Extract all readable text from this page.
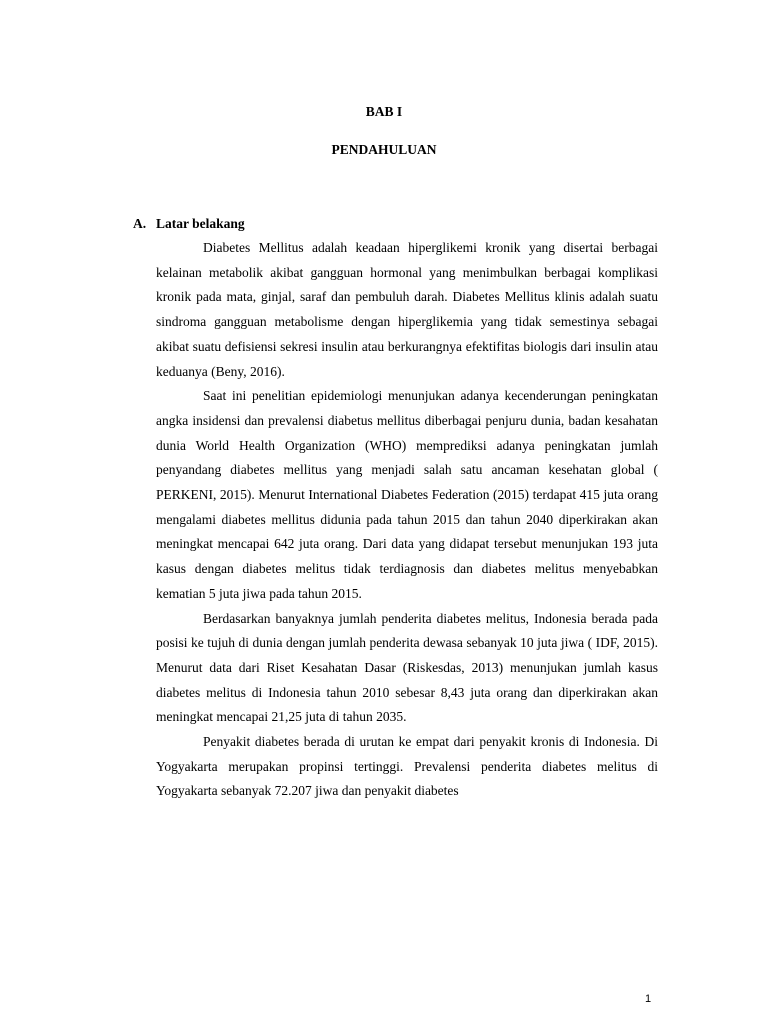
BAB I

PENDAHULUAN

A. Latar belakang

Diabetes Mellitus adalah keadaan hiperglikemi kronik yang disertai berbagai kelainan metabolik akibat gangguan hormonal yang menimbulkan berbagai komplikasi kronik pada mata, ginjal, saraf dan pembuluh darah. Diabetes Mellitus klinis adalah suatu sindroma gangguan metabolisme dengan hiperglikemia yang tidak semestinya sebagai akibat suatu defisiensi sekresi insulin atau berkurangnya efektifitas biologis dari insulin atau keduanya (Beny, 2016).

Saat ini penelitian epidemiologi menunjukan adanya kecenderungan peningkatan angka insidensi dan prevalensi diabetus mellitus diberbagai penjuru dunia, badan kesahatan dunia World Health Organization (WHO) memprediksi adanya peningkatan jumlah penyandang diabetes mellitus yang menjadi salah satu ancaman kesehatan global ( PERKENI, 2015). Menurut International Diabetes Federation (2015) terdapat 415 juta orang mengalami diabetes mellitus didunia pada tahun 2015 dan tahun 2040 diperkirakan akan meningkat mencapai 642 juta orang. Dari data yang didapat tersebut menunjukan 193 juta kasus dengan diabetes melitus tidak terdiagnosis dan diabetes melitus menyebabkan kematian 5 juta jiwa pada tahun 2015.

Berdasarkan banyaknya jumlah penderita diabetes melitus, Indonesia berada pada posisi ke tujuh di dunia dengan jumlah penderita dewasa sebanyak 10 juta jiwa ( IDF, 2015). Menurut data dari Riset Kesahatan Dasar (Riskesdas, 2013) menunjukan jumlah kasus diabetes melitus di Indonesia tahun 2010 sebesar 8,43 juta orang dan diperkirakan akan meningkat mencapai 21,25 juta di tahun 2035.

Penyakit diabetes berada di urutan ke empat dari penyakit kronis di Indonesia. Di Yogyakarta merupakan propinsi tertinggi. Prevalensi penderita diabetes melitus di Yogyakarta sebanyak 72.207 jiwa dan penyakit diabetes

1
